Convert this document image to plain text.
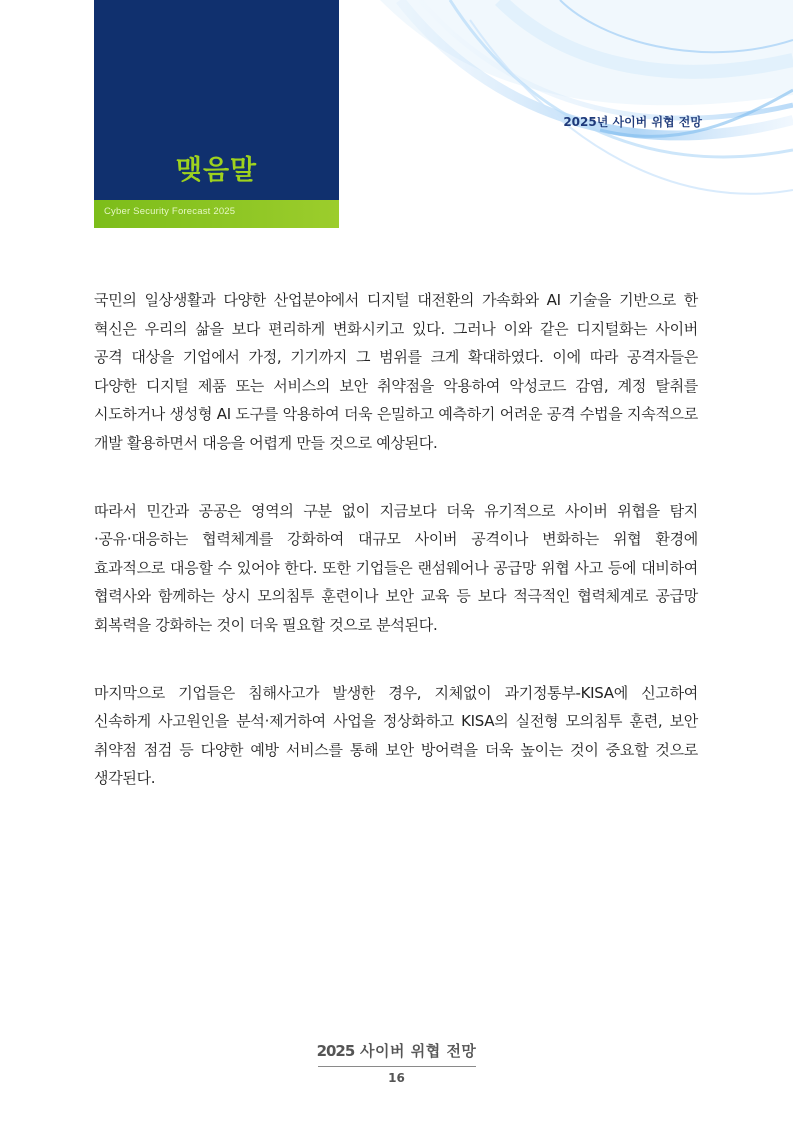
맺음말
Cyber Security Forecast 2025
2025년 사이버 위협 전망

국민의 일상생활과 다양한 산업분야에서 디지털 대전환의 가속화와 AI 기술을 기반으로 한
혁신은 우리의 삶을 보다 편리하게 변화시키고 있다. 그러나 이와 같은 디지털화는 사이버
공격 대상을 기업에서 가정, 기기까지 그 범위를 크게 확대하였다. 이에 따라 공격자들은
다양한 디지털 제품 또는 서비스의 보안 취약점을 악용하여 악성코드 감염, 계정 탈취를
시도하거나 생성형 AI 도구를 악용하여 더욱 은밀하고 예측하기 어려운 공격 수법을 지속적으로
개발 활용하면서 대응을 어렵게 만들 것으로 예상된다.

따라서 민간과 공공은 영역의 구분 없이 지금보다 더욱 유기적으로 사이버 위협을 탐지
·공유·대응하는 협력체계를 강화하여 대규모 사이버 공격이나 변화하는 위협 환경에
효과적으로 대응할 수 있어야 한다. 또한 기업들은 랜섬웨어나 공급망 위협 사고 등에 대비하여
협력사와 함께하는 상시 모의침투 훈련이나 보안 교육 등 보다 적극적인 협력체계로 공급망
회복력을 강화하는 것이 더욱 필요할 것으로 분석된다.

마지막으로 기업들은 침해사고가 발생한 경우, 지체없이 과기정통부-KISA에 신고하여
신속하게 사고원인을 분석·제거하여 사업을 정상화하고 KISA의 실전형 모의침투 훈련, 보안
취약점 점검 등 다양한 예방 서비스를 통해 보안 방어력을 더욱 높이는 것이 중요할 것으로
생각된다.

2025 사이버 위협 전망
16
